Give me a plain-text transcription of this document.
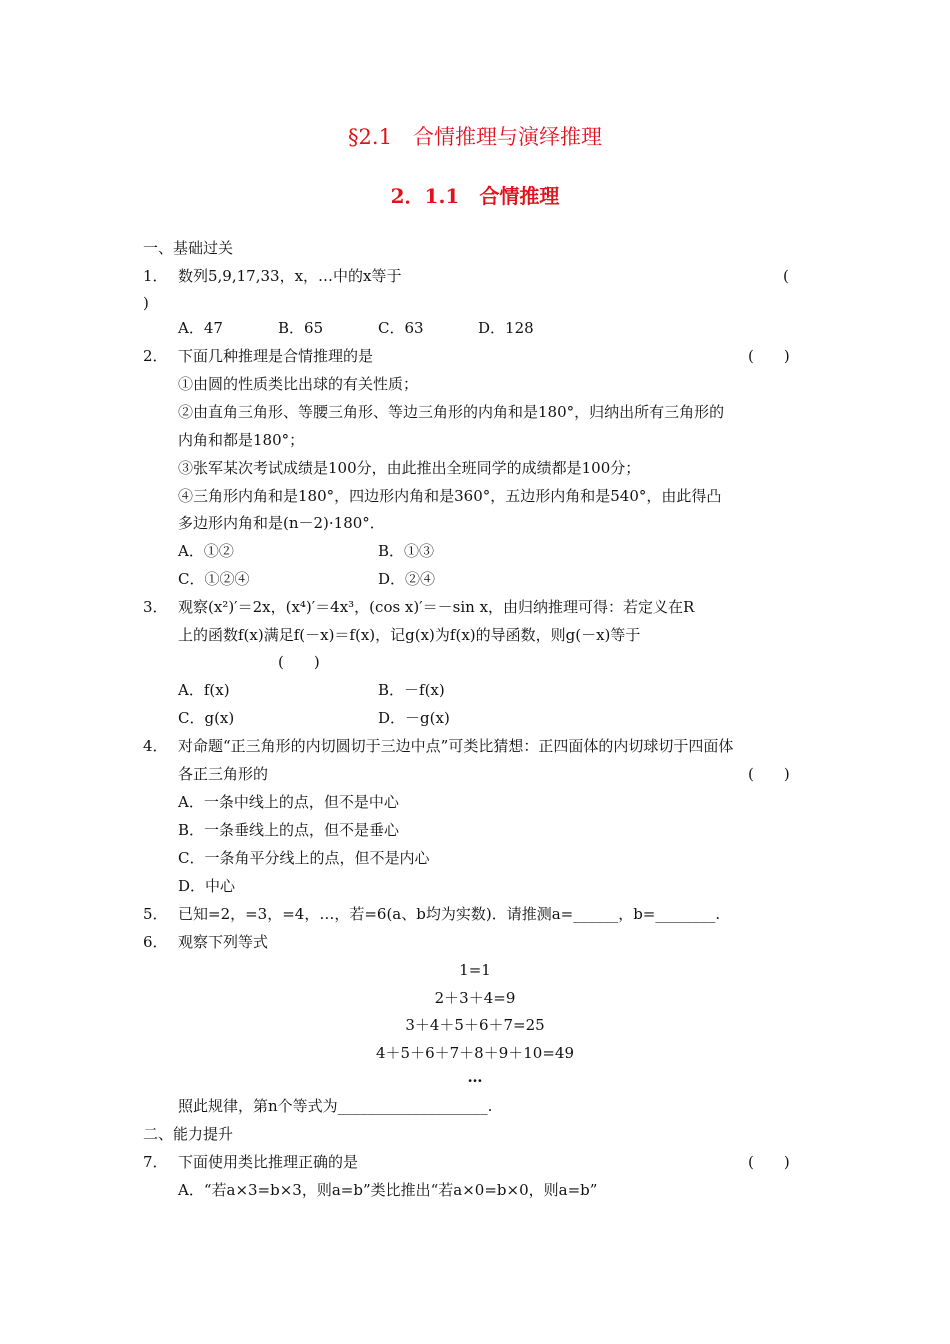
§2.1　合情推理与演绎推理
2．1.1　合情推理
一、基础过关
1． 数列5,9,17,33，x，…中的x等于	(
)
A．47	B．65	C．63	D．128
2． 下面几种推理是合情推理的是	(　　)
①由圆的性质类比出球的有关性质；
②由直角三角形、等腰三角形、等边三角形的内角和是180°，归纳出所有三角形的
内角和都是180°；
③张军某次考试成绩是100分，由此推出全班同学的成绩都是100分；
④三角形内角和是180°，四边形内角和是360°，五边形内角和是540°，由此得凸
多边形内角和是(n－2)·180°．
A．①②	B．①③
C．①②④	D．②④
3． 观察(x²)′＝2x，(x⁴)′＝4x³，(cos x)′＝－sin x，由归纳推理可得：若定义在R
上的函数f(x)满足f(－x)＝f(x)，记g(x)为f(x)的导函数，则g(－x)等于
(　　)
A．f(x)	B．－f(x)
C．g(x)	D．－g(x)
4． 对命题“正三角形的内切圆切于三边中点”可类比猜想：正四面体的内切球切于四面体
各正三角形的	(　　)
A．一条中线上的点，但不是中心
B．一条垂线上的点，但不是垂心
C．一条角平分线上的点，但不是内心
D．中心
5． 已知=2，=3，=4，…，若=6(a、b均为实数)．请推测a=______，b=________.
6． 观察下列等式
1=1
2＋3＋4=9
3＋4＋5＋6＋7=25
4＋5＋6＋7＋8＋9＋10=49
…
照此规律，第n个等式为____________________.
二、能力提升
7． 下面使用类比推理正确的是	(　　)
A．“若a×3=b×3，则a=b”类比推出“若a×0=b×0，则a=b”
